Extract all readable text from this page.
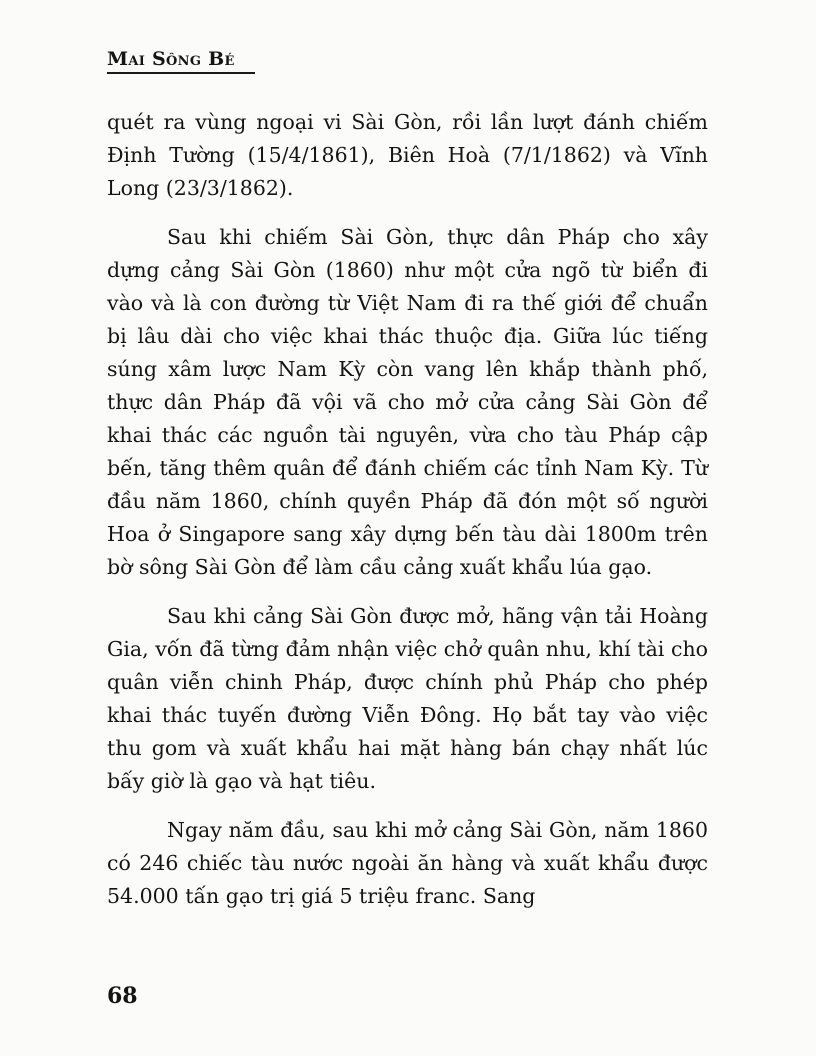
Mai Sông Bé

quét ra vùng ngoại vi Sài Gòn, rồi lần lượt đánh chiếm Định Tường (15/4/1861), Biên Hoà (7/1/1862) và Vĩnh Long (23/3/1862).

Sau khi chiếm Sài Gòn, thực dân Pháp cho xây dựng cảng Sài Gòn (1860) như một cửa ngõ từ biển đi vào và là con đường từ Việt Nam đi ra thế giới để chuẩn bị lâu dài cho việc khai thác thuộc địa. Giữa lúc tiếng súng xâm lược Nam Kỳ còn vang lên khắp thành phố, thực dân Pháp đã vội vã cho mở cửa cảng Sài Gòn để khai thác các nguồn tài nguyên, vừa cho tàu Pháp cập bến, tăng thêm quân để đánh chiếm các tỉnh Nam Kỳ. Từ đầu năm 1860, chính quyền Pháp đã đón một số người Hoa ở Singapore sang xây dựng bến tàu dài 1800m trên bờ sông Sài Gòn để làm cầu cảng xuất khẩu lúa gạo.

Sau khi cảng Sài Gòn được mở, hãng vận tải Hoàng Gia, vốn đã từng đảm nhận việc chở quân nhu, khí tài cho quân viễn chinh Pháp, được chính phủ Pháp cho phép khai thác tuyến đường Viễn Đông. Họ bắt tay vào việc thu gom và xuất khẩu hai mặt hàng bán chạy nhất lúc bấy giờ là gạo và hạt tiêu.

Ngay năm đầu, sau khi mở cảng Sài Gòn, năm 1860 có 246 chiếc tàu nước ngoài ăn hàng và xuất khẩu được 54.000 tấn gạo trị giá 5 triệu franc. Sang

68
